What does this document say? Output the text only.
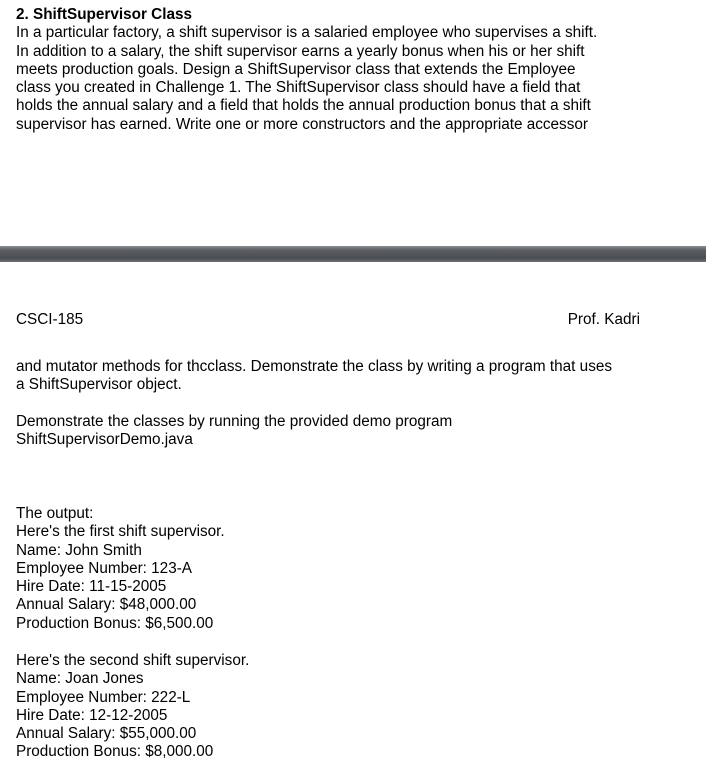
2. ShiftSupervisor Class

In a particular factory, a shift supervisor is a salaried employee who supervises a shift.

In addition to a salary, the shift supervisor earns a yearly bonus when his or her shift

meets production goals. Design a ShiftSupervisor class that extends the Employee

class you created in Challenge 1. The ShiftSupervisor class should have a field that

holds the annual salary and a field that holds the annual production bonus that a shift

supervisor has earned. Write one or more constructors and the appropriate accessor

CSCI-185	Prof. Kadri

and mutator methods for thcclass. Demonstrate the class by writing a program that uses

a ShiftSupervisor object.

Demonstrate the classes by running the provided demo program

ShiftSupervisorDemo.java

The output:

Here's the first shift supervisor.

Name: John Smith

Employee Number: 123-A

Hire Date: 11-15-2005

Annual Salary: $48,000.00

Production Bonus: $6,500.00

Here's the second shift supervisor.

Name: Joan Jones

Employee Number: 222-L

Hire Date: 12-12-2005

Annual Salary: $55,000.00

Production Bonus: $8,000.00
